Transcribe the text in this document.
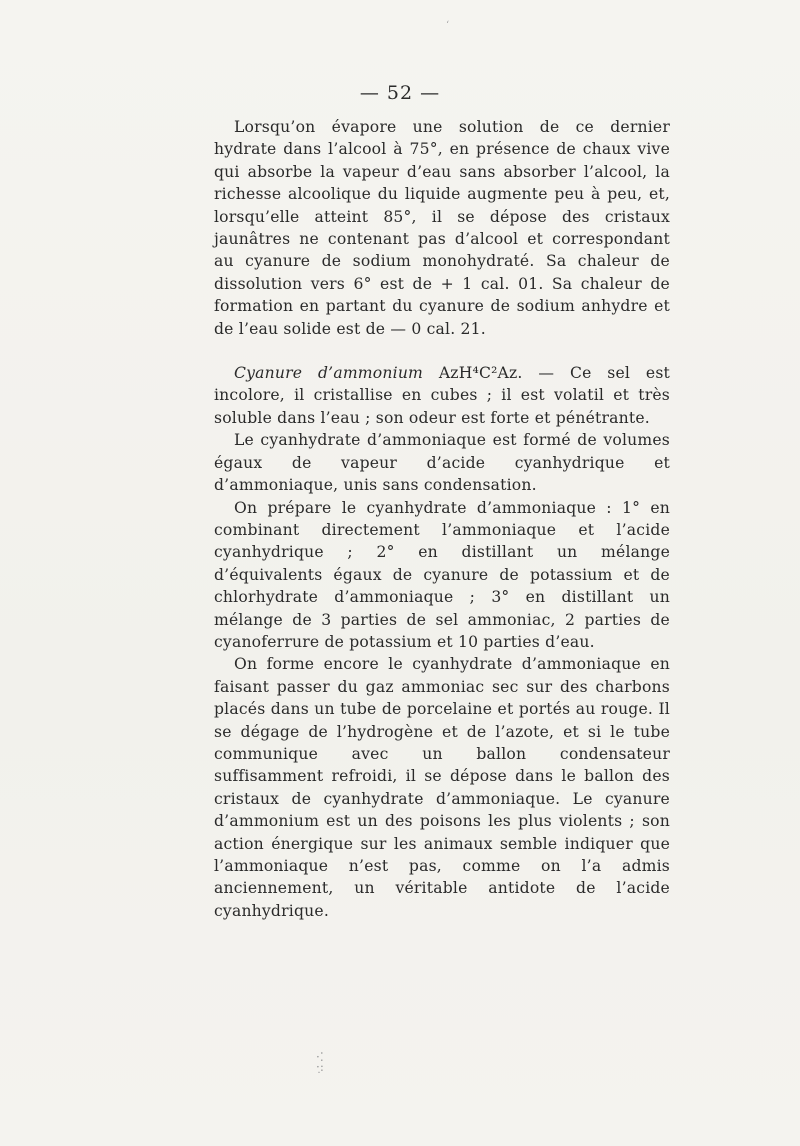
ʻ
— 52 —

Lorsqu’on évapore une solution de ce dernier hydrate dans l’alcool à 75°, en présence de chaux vive qui absorbe la vapeur d’eau sans absorber l’alcool, la richesse alcoolique du liquide augmente peu à peu, et, lorsqu’elle atteint 85°, il se dépose des cristaux jaunâtres ne contenant pas d’alcool et correspondant au cyanure de sodium monohydraté. Sa chaleur de dissolution vers 6° est de + 1 cal. 01. Sa chaleur de formation en partant du cyanure de sodium anhydre et de l’eau solide est de — 0 cal. 21.

Cyanure d’ammonium AzH⁴C²Az. — Ce sel est incolore, il cristallise en cubes ; il est volatil et très soluble dans l’eau ; son odeur est forte et pénétrante.

Le cyanhydrate d’ammoniaque est formé de volumes égaux de vapeur d’acide cyanhydrique et d’ammoniaque, unis sans condensation.

On prépare le cyanhydrate d’ammoniaque : 1° en combinant directement l’ammoniaque et l’acide cyanhydrique ; 2° en distillant un mélange d’équivalents égaux de cyanure de potassium et de chlorhydrate d’ammoniaque ; 3° en distillant un mélange de 3 parties de sel ammoniac, 2 parties de cyanoferrure de potassium et 10 parties d’eau.

On forme encore le cyanhydrate d’ammoniaque en faisant passer du gaz ammoniac sec sur des charbons placés dans un tube de porcelaine et portés au rouge. Il se dégage de l’hydrogène et de l’azote, et si le tube communique avec un ballon condensateur suffisamment refroidi, il se dépose dans le ballon des cristaux de cyanhydrate d’ammoniaque. Le cyanure d’ammonium est un des poisons les plus violents ; son action énergique sur les animaux semble indiquer que l’ammoniaque n’est pas, comme on l’a admis anciennement, un véritable antidote de l’acide cyanhydrique.

·⁚
·:
˙
